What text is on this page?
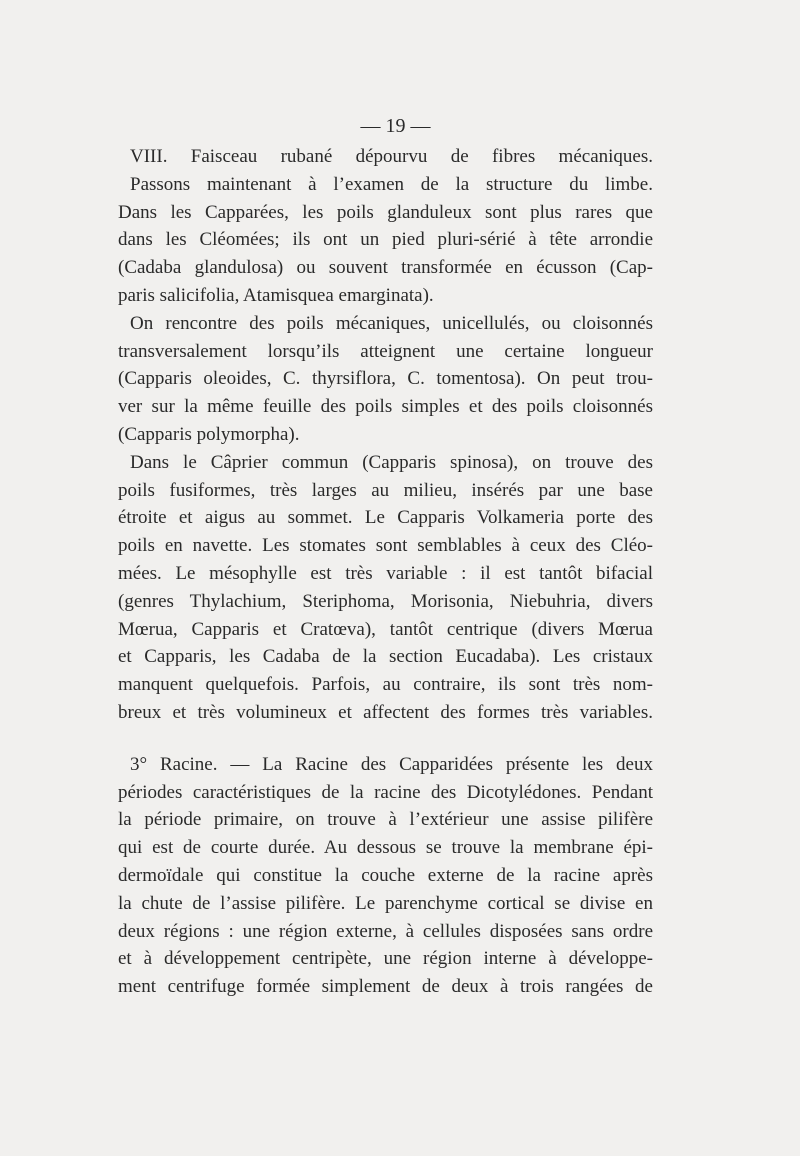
— 19 —
VIII. Faisceau rubané dépourvu de fibres mécaniques.
Passons maintenant à l’examen de la structure du limbe.
Dans les Capparées, les poils glanduleux sont plus rares que
dans les Cléomées; ils ont un pied pluri-sérié à tête arrondie
(Cadaba glandulosa) ou souvent transformée en écusson (Cap-
paris salicifolia, Atamisquea emarginata).
On rencontre des poils mécaniques, unicellulés, ou cloisonnés
transversalement lorsqu’ils atteignent une certaine longueur
(Capparis oleoides, C. thyrsiflora, C. tomentosa). On peut trou-
ver sur la même feuille des poils simples et des poils cloisonnés
(Capparis polymorpha).
Dans le Câprier commun (Capparis spinosa), on trouve des
poils fusiformes, très larges au milieu, insérés par une base
étroite et aigus au sommet. Le Capparis Volkameria porte des
poils en navette. Les stomates sont semblables à ceux des Cléo-
mées. Le mésophylle est très variable : il est tantôt bifacial
(genres Thylachium, Steriphoma, Morisonia, Niebuhria, divers
Mœrua, Capparis et Cratœva), tantôt centrique (divers Mœrua
et Capparis, les Cadaba de la section Eucadaba). Les cristaux
manquent quelquefois. Parfois, au contraire, ils sont très nom-
breux et très volumineux et affectent des formes très variables.
3° Racine. — La Racine des Capparidées présente les deux
périodes caractéristiques de la racine des Dicotylédones. Pendant
la période primaire, on trouve à l’extérieur une assise pilifère
qui est de courte durée. Au dessous se trouve la membrane épi-
dermoïdale qui constitue la couche externe de la racine après
la chute de l’assise pilifère. Le parenchyme cortical se divise en
deux régions : une région externe, à cellules disposées sans ordre
et à développement centripète, une région interne à développe-
ment centrifuge formée simplement de deux à trois rangées de
